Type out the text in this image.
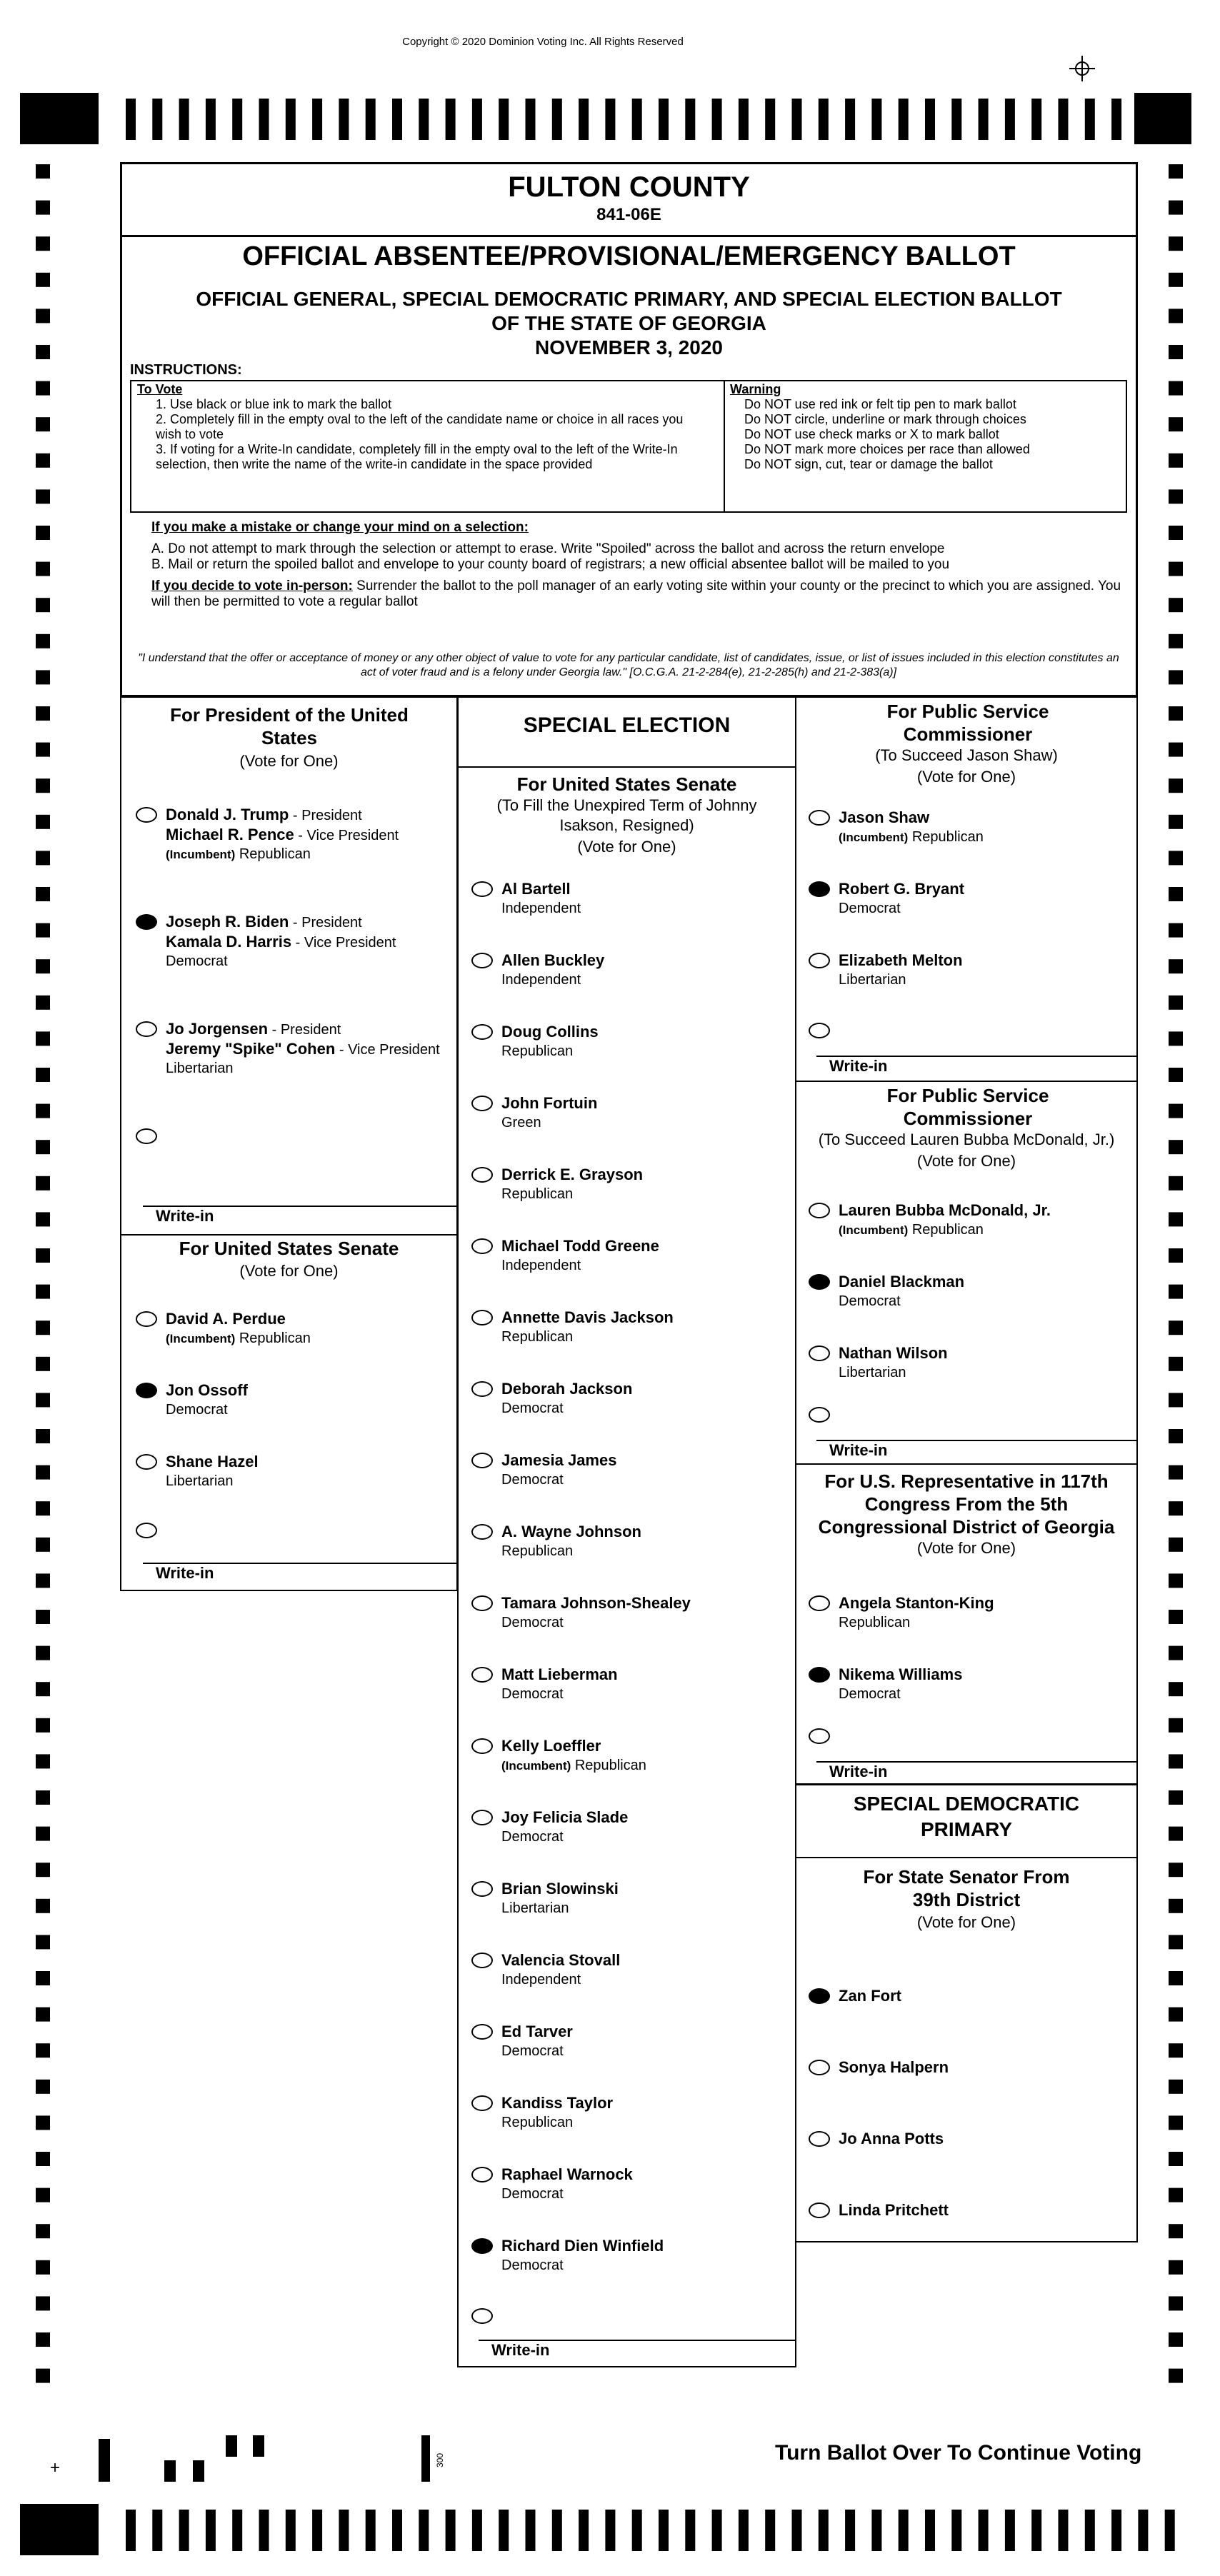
Copyright © 2020 Dominion Voting Inc. All Rights Reserved
FULTON COUNTY
841-06E
OFFICIAL ABSENTEE/PROVISIONAL/EMERGENCY BALLOT
OFFICIAL GENERAL, SPECIAL DEMOCRATIC PRIMARY, AND SPECIAL ELECTION BALLOT
OF THE STATE OF GEORGIA
NOVEMBER 3, 2020
INSTRUCTIONS:
To Vote
1. Use black or blue ink to mark the ballot
2. Completely fill in the empty oval to the left of the candidate name or choice in all races you wish to vote
3. If voting for a Write-In candidate, completely fill in the empty oval to the left of the Write-In selection, then write the name of the write-in candidate in the space provided
Warning
Do NOT use red ink or felt tip pen to mark ballot
Do NOT circle, underline or mark through choices
Do NOT use check marks or X to mark ballot
Do NOT mark more choices per race than allowed
Do NOT sign, cut, tear or damage the ballot

If you make a mistake or change your mind on a selection:

A. Do not attempt to mark through the selection or attempt to erase. Write "Spoiled" across the ballot and across the return envelope

B. Mail or return the spoiled ballot and envelope to your county board of registrars; a new official absentee ballot will be mailed to you

If you decide to vote in-person: Surrender the ballot to the poll manager of an early voting site within your county or the precinct to which you are assigned. You will then be permitted to vote a regular ballot

"I understand that the offer or acceptance of money or any other object of value to vote for any particular candidate, list of candidates, issue, or list of issues included in this election constitutes an act of voter fraud and is a felony under Georgia law." [O.C.G.A. 21-2-284(e), 21-2-285(h) and 21-2-383(a)]
For President of the United States
(Vote for One)
Donald J. Trump - President
Michael R. Pence - Vice President
(Incumbent) Republican
Joseph R. Biden - President
Kamala D. Harris - Vice President
Democrat
Jo Jorgensen - President
Jeremy "Spike" Cohen - Vice President
Libertarian
Write-in
For United States Senate
(Vote for One)
David A. Perdue
(Incumbent) Republican
Jon Ossoff
Democrat
Shane Hazel
Libertarian
Write-in
SPECIAL ELECTION
For United States Senate
(To Fill the Unexpired Term of Johnny Isakson, Resigned)
(Vote for One)
Al Bartell
Independent
Allen Buckley
Independent
Doug Collins
Republican
John Fortuin
Green
Derrick E. Grayson
Republican
Michael Todd Greene
Independent
Annette Davis Jackson
Republican
Deborah Jackson
Democrat
Jamesia James
Democrat
A. Wayne Johnson
Republican
Tamara Johnson-Shealey
Democrat
Matt Lieberman
Democrat
Kelly Loeffler
(Incumbent) Republican
Joy Felicia Slade
Democrat
Brian Slowinski
Libertarian
Valencia Stovall
Independent
Ed Tarver
Democrat
Kandiss Taylor
Republican
Raphael Warnock
Democrat
Richard Dien Winfield
Democrat
Write-in
For Public Service Commissioner
(To Succeed Jason Shaw)
(Vote for One)
Jason Shaw
(Incumbent) Republican
Robert G. Bryant
Democrat
Elizabeth Melton
Libertarian
Write-in
For Public Service Commissioner
(To Succeed Lauren Bubba McDonald, Jr.)
(Vote for One)
Lauren Bubba McDonald, Jr.
(Incumbent) Republican
Daniel Blackman
Democrat
Nathan Wilson
Libertarian
Write-in
For U.S. Representative in 117th Congress From the 5th Congressional District of Georgia
(Vote for One)
Angela Stanton-King
Republican
Nikema Williams
Democrat
Write-in
SPECIAL DEMOCRATIC PRIMARY
For State Senator From 39th District
(Vote for One)
Zan Fort
Sonya Halpern
Jo Anna Potts
Linda Pritchett
+	300	Turn Ballot Over To Continue Voting
